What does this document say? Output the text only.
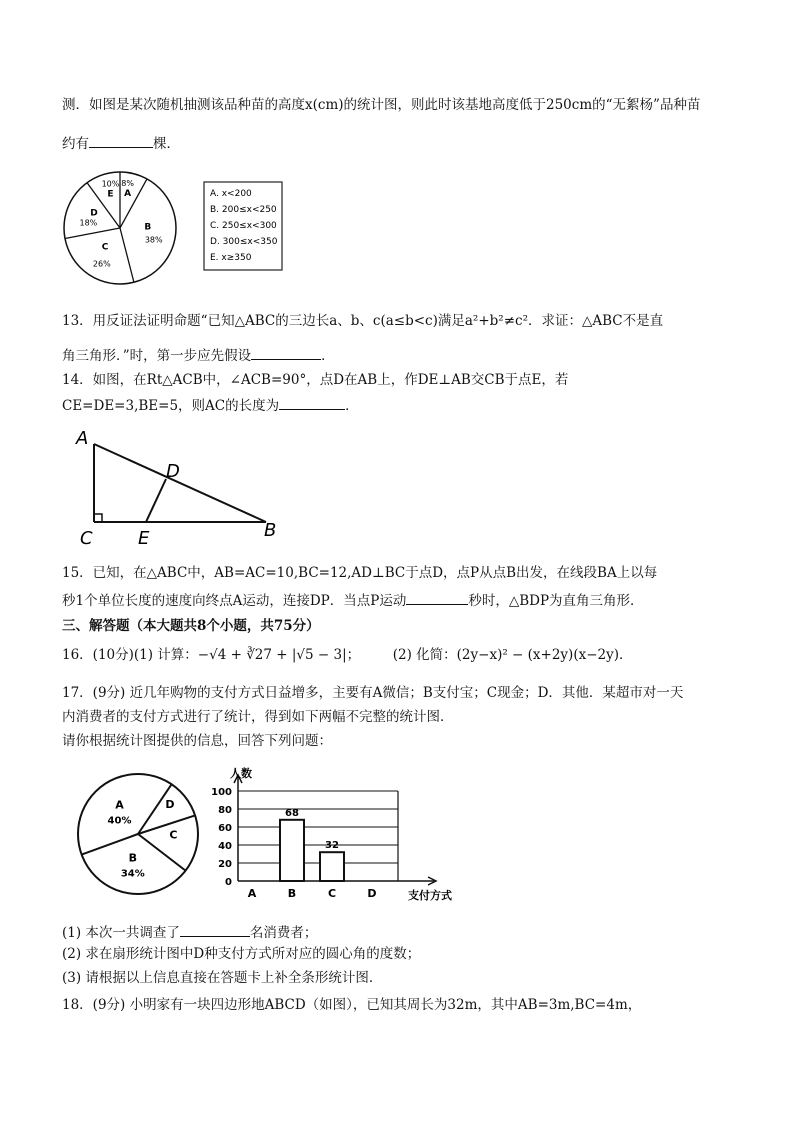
测．如图是某次随机抽测该品种苗的高度x(cm)的统计图，则此时该基地高度低于250cm的“无絮杨”品种苗
约有	棵．
A
8%
B
38%
C
26%
D
18%
E
10%
A. x<200
B. 200≤x<250
C. 250≤x<300
D. 300≤x<350
E. x≥350
13．用反证法证明命题“已知△ABC的三边长a、b、c(a≤b<c)满足a²+b²≠c²．求证：△ABC不是直
角三角形．”时，第一步应先假设	．
14．如图，在Rt△ACB中，∠ACB=90°，点D在AB上，作DE⊥AB交CB于点E，若
CE=DE=3,BE=5，则AC的长度为	．
A
D
C	E	B
15．已知，在△ABC中，AB=AC=10,BC=12,AD⊥BC于点D，点P从点B出发，在线段BA上以每
秒1个单位长度的速度向终点A运动，连接DP．当点P运动	秒时，△BDP为直角三角形．
三、解答题（本大题共8个小题，共75分）
16．(10分)(1) 计算：−√4 + ∛27 + |√5 − 3|； (2) 化简：(2y−x)² − (x+2y)(x−2y)．
17．(9分) 近几年购物的支付方式日益增多，主要有A微信；B支付宝；C现金；D．其他．某超市对一天
内消费者的支付方式进行了统计，得到如下两幅不完整的统计图．
请你根据统计图提供的信息，回答下列问题：
A
40%
B
34%
C
D
0
20
40
60
80
100
人数
支付方式
A	B
68
C
32
D
(1) 本次一共调查了	名消费者；
(2) 求在扇形统计图中D种支付方式所对应的圆心角的度数；
(3) 请根据以上信息直接在答题卡上补全条形统计图．
18．(9分) 小明家有一块四边形地ABCD（如图），已知其周长为32m，其中AB=3m,BC=4m，
